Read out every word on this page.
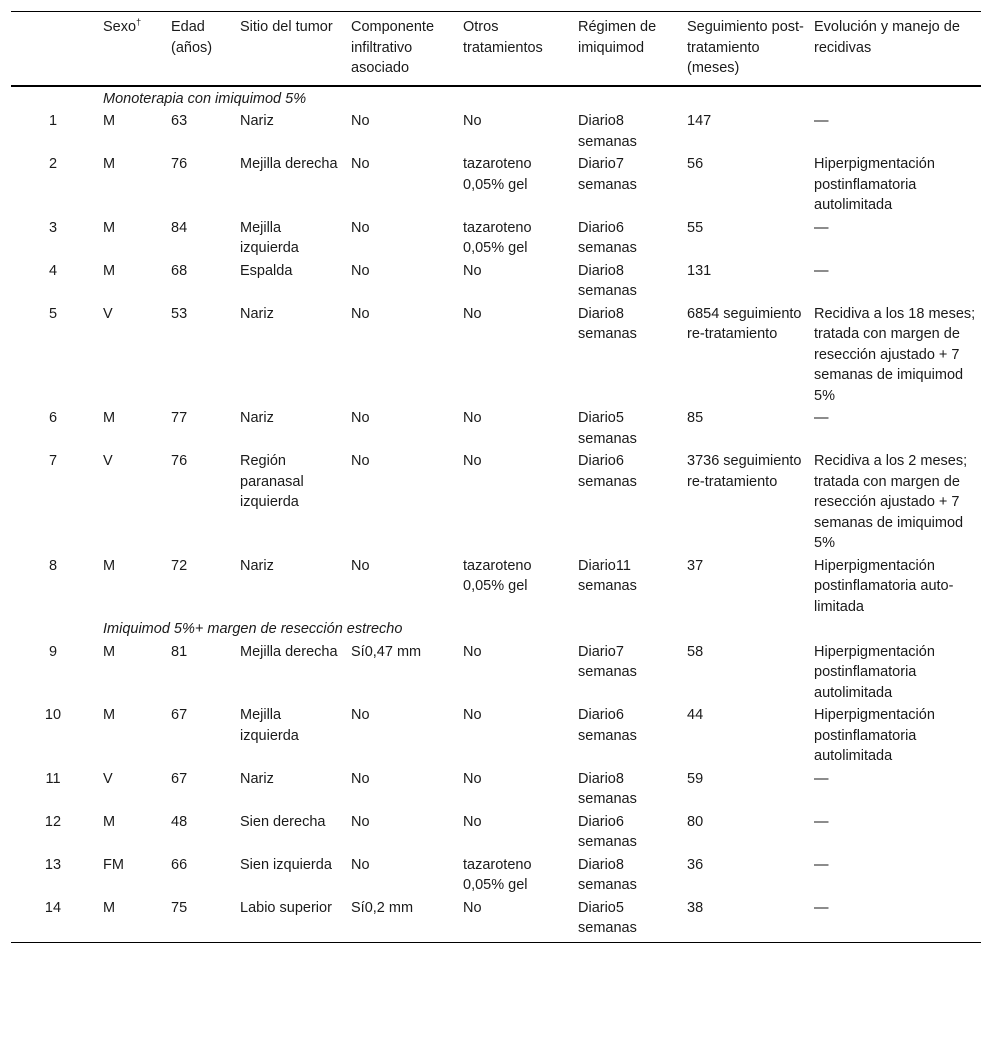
	Sexo†	Edad (años)	Sitio del tumor	Componente infiltrativo asociado	Otros tratamientos	Régimen de imiquimod	Seguimiento post-tratamiento (meses)	Evolución y manejo de recidivas
	Monoterapia con imiquimod 5%							
1	M	63	Nariz	No	No	Diario8 semanas	147	—
2	M	76	Mejilla derecha	No	tazaroteno 0,05% gel	Diario7 semanas	56	Hiperpigmentación postinflamatoria autolimitada
3	M	84	Mejilla izquierda	No	tazaroteno 0,05% gel	Diario6 semanas	55	—
4	M	68	Espalda	No	No	Diario8 semanas	131	—
5	V	53	Nariz	No	No	Diario8 semanas	6854 seguimiento re-tratamiento	Recidiva a los 18 meses; tratada con margen de resección ajustado + 7 semanas de imiquimod 5%
6	M	77	Nariz	No	No	Diario5 semanas	85	—
7	V	76	Región paranasal izquierda	No	No	Diario6 semanas	3736 seguimiento re-tratamiento	Recidiva a los 2 meses; tratada con margen de resección ajustado + 7 semanas de imiquimod 5%
8	M	72	Nariz	No	tazaroteno 0,05% gel	Diario11 semanas	37	Hiperpigmentación postinflamatoria auto-limitada
	Imiquimod 5%+ margen de resección estrecho							
9	M	81	Mejilla derecha	Sí0,47 mm	No	Diario7 semanas	58	Hiperpigmentación postinflamatoria autolimitada
10	M	67	Mejilla izquierda	No	No	Diario6 semanas	44	Hiperpigmentación postinflamatoria autolimitada
11	V	67	Nariz	No	No	Diario8 semanas	59	—
12	M	48	Sien derecha	No	No	Diario6 semanas	80	—
13	FM	66	Sien izquierda	No	tazaroteno 0,05% gel	Diario8 semanas	36	—
14	M	75	Labio superior	Sí0,2 mm	No	Diario5 semanas	38	—
